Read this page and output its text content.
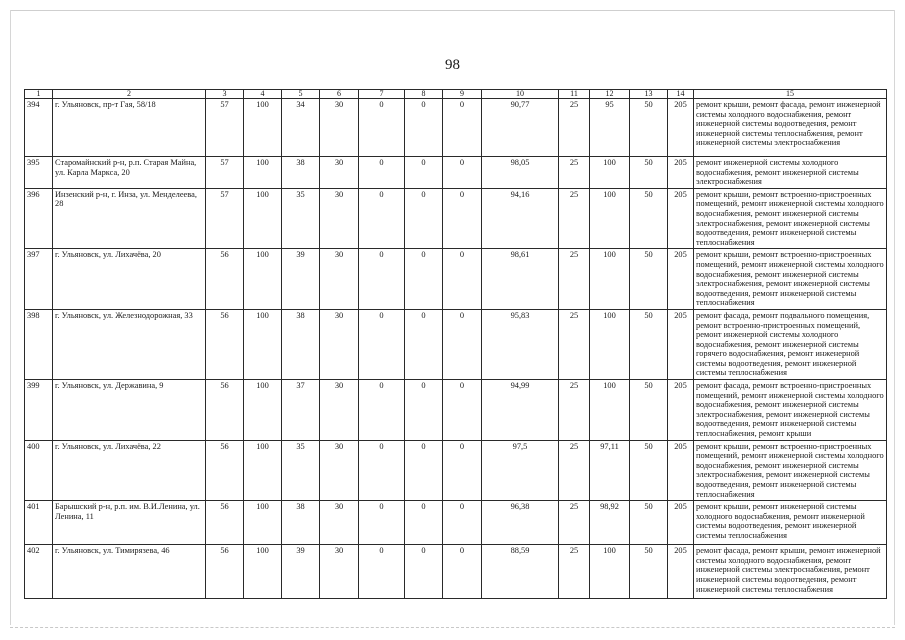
98
1	2	3	4	5	6	7	8	9	10	11	12	13	14	15
394	г. Ульяновск, пр-т Гая, 58/18	57	100	34	30	0	0	0	90,77	25	95	50	205	ремонт крыши, ремонт фасада, ремонт инженерной системы холодного водоснабжения, ремонт инженерной системы водоотведения, ремонт инженерной системы теплоснабжения, ремонт инженерной системы электроснабжения
395	Старомайнский р-н, р.п. Старая Майна, ул. Карла Маркса, 20	57	100	38	30	0	0	0	98,05	25	100	50	205	ремонт инженерной системы холодного водоснабжения, ремонт инженерной системы электроснабжения
396	Инзенский р-н, г. Инза, ул. Менделеева, 28	57	100	35	30	0	0	0	94,16	25	100	50	205	ремонт крыши, ремонт встроенно-пристроенных помещений, ремонт инженерной системы холодного водоснабжения, ремонт инженерной системы электроснабжения, ремонт инженерной системы водоотведения, ремонт инженерной системы теплоснабжения
397	г. Ульяновск, ул. Лихачёва, 20	56	100	39	30	0	0	0	98,61	25	100	50	205	ремонт крыши, ремонт встроенно-пристроенных помещений, ремонт инженерной системы холодного водоснабжения, ремонт инженерной системы электроснабжения, ремонт инженерной системы водоотведения, ремонт инженерной системы теплоснабжения
398	г. Ульяновск, ул. Железнодорожная, 33	56	100	38	30	0	0	0	95,83	25	100	50	205	ремонт фасада, ремонт подвального помещения, ремонт встроенно-пристроенных помещений, ремонт инженерной системы холодного водоснабжения, ремонт инженерной системы горячего водоснабжения, ремонт инженерной системы водоотведения, ремонт инженерной системы теплоснабжения
399	г. Ульяновск, ул. Державина, 9	56	100	37	30	0	0	0	94,99	25	100	50	205	ремонт фасада, ремонт встроенно-пристроенных помещений, ремонт инженерной системы холодного водоснабжения, ремонт инженерной системы электроснабжения, ремонт инженерной системы водоотведения, ремонт инженерной системы теплоснабжения, ремонт крыши
400	г. Ульяновск, ул. Лихачёва, 22	56	100	35	30	0	0	0	97,5	25	97,11	50	205	ремонт крыши, ремонт встроенно-пристроенных помещений, ремонт инженерной системы холодного водоснабжения, ремонт инженерной системы электроснабжения, ремонт инженерной системы водоотведения, ремонт инженерной системы теплоснабжения
401	Барышский р-н, р.п. им. В.И.Ленина, ул. Ленина, 11	56	100	38	30	0	0	0	96,38	25	98,92	50	205	ремонт крыши, ремонт инженерной системы холодного водоснабжения, ремонт инженерной системы водоотведения, ремонт инженерной системы теплоснабжения
402	г. Ульяновск, ул. Тимирязева, 46	56	100	39	30	0	0	0	88,59	25	100	50	205	ремонт фасада, ремонт крыши, ремонт инженерной системы холодного водоснабжения, ремонт инженерной системы электроснабжения, ремонт инженерной системы водоотведения, ремонт инженерной системы теплоснабжения
